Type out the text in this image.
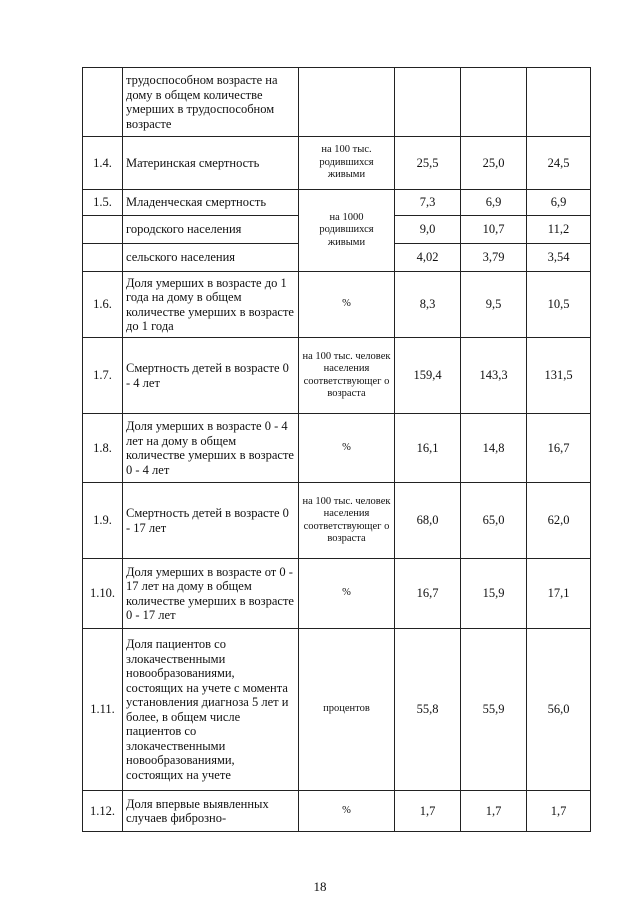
	трудоспособном возрасте на дому в общем количестве умерших в трудоспособном возрасте				
1.4.	Материнская смертность	на 100 тыс. родившихся живыми	25,5	25,0	24,5
1.5.	Младенческая смертность	на 1000 родившихся живыми	7,3	6,9	6,9
	городского населения		9,0	10,7	11,2
	сельского населения		4,02	3,79	3,54
1.6.	Доля умерших в возрасте до 1 года на дому в общем количестве умерших в возрасте до 1 года	%	8,3	9,5	10,5
1.7.	Смертность детей в возрасте 0 - 4 лет	на 100 тыс. человек населения соответствующег о возраста	159,4	143,3	131,5
1.8.	Доля умерших в возрасте 0 - 4 лет на дому в общем количестве умерших в возрасте 0 - 4 лет	%	16,1	14,8	16,7
1.9.	Смертность детей в возрасте 0 - 17 лет	на 100 тыс. человек населения соответствующег о возраста	68,0	65,0	62,0
1.10.	Доля умерших в возрасте от 0 - 17 лет на дому в общем количестве умерших в возрасте 0 - 17 лет	%	16,7	15,9	17,1
1.11.	Доля пациентов со злокачественными новообразованиями, состоящих на учете с момента установления диагноза 5 лет и более, в общем числе пациентов со злокачественными новообразованиями, состоящих на учете	процентов	55,8	55,9	56,0
1.12.	Доля впервые выявленных случаев фиброзно-	%	1,7	1,7	1,7
18
